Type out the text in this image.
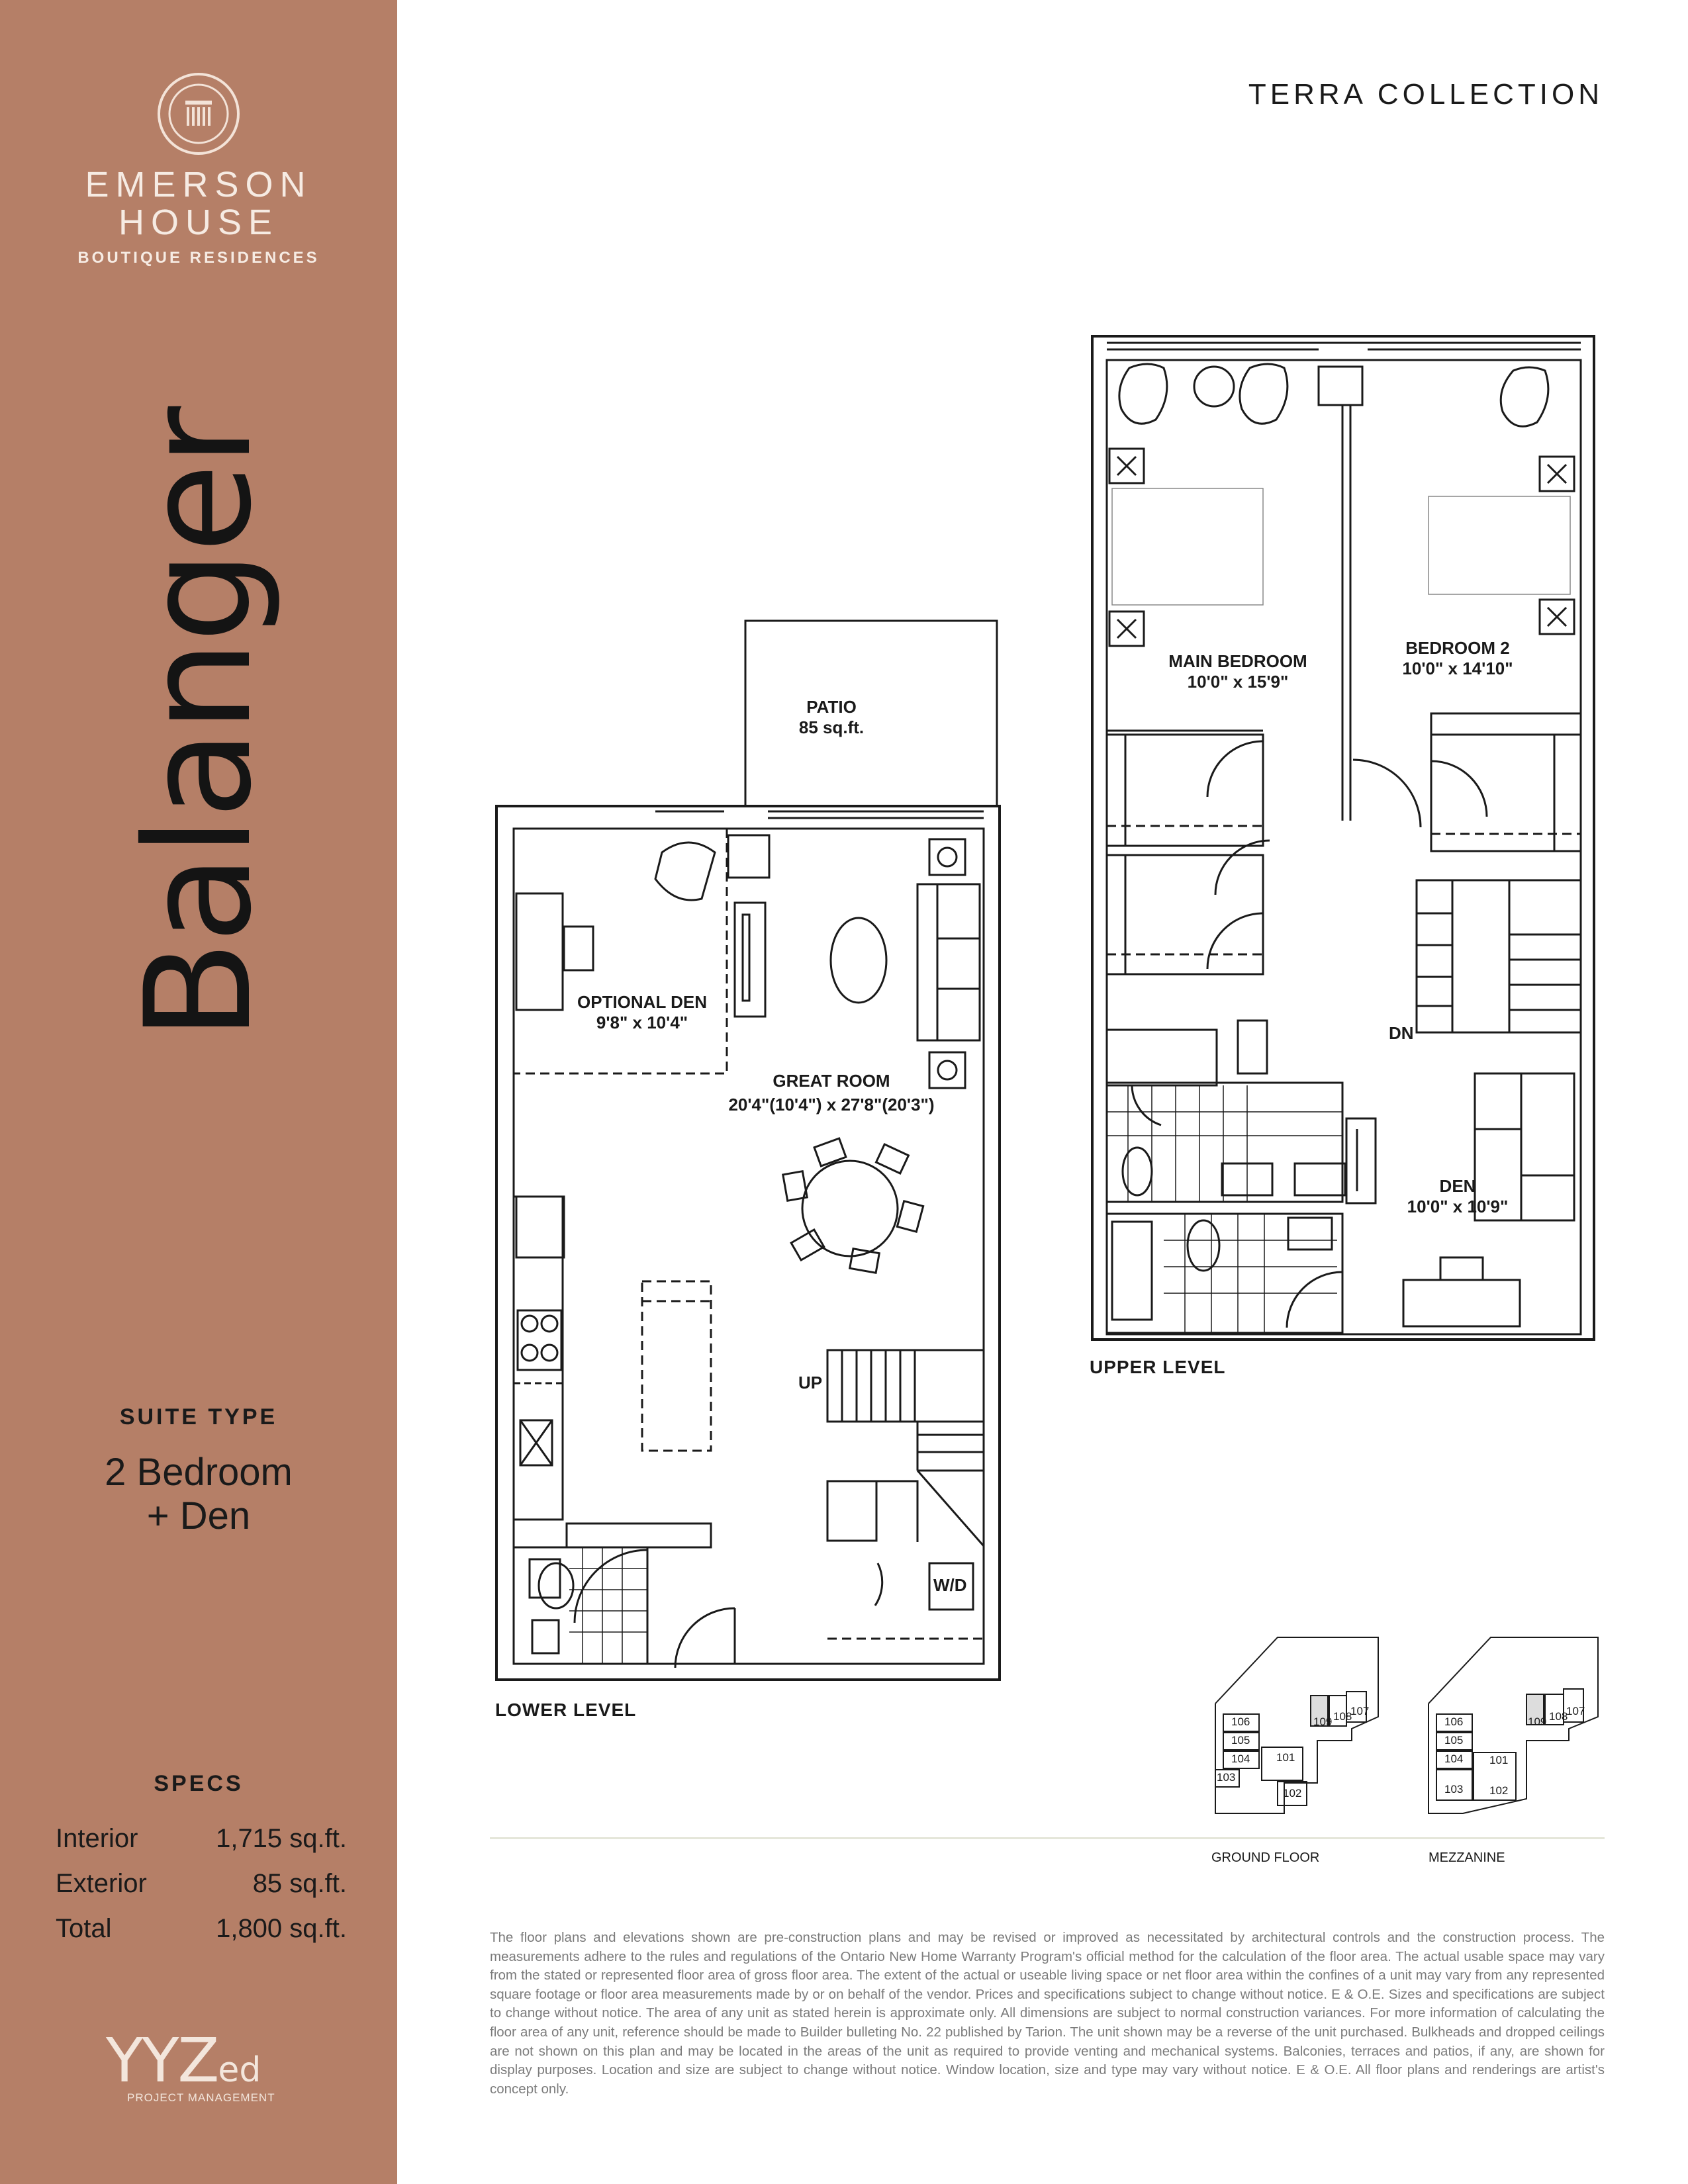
EMERSON
HOUSE
BOUTIQUE RESIDENCES
Balanger
SUITE TYPE
2 Bedroom
+ Den
SPECS
Interior	1,715 sq.ft.
Exterior	85 sq.ft.
Total	1,800 sq.ft.
YYZed
PROJECT MANAGEMENT
TERRA COLLECTION
PATIO
85 sq.ft.
OPTIONAL DEN
9'8" x 10'4"
GREAT ROOM
20'4"(10'4") x 27'8"(20'3")
UP
W/D
LOWER LEVEL
MAIN BEDROOM
10'0" x 15'9"
BEDROOM 2
10'0" x 14'10"
DN
DEN
10'0" x 10'9"
UPPER LEVEL
106
105
104
103
101
102
109 108
107
GROUND FLOOR
106
105
104
103
101
102
109 108
107
MEZZANINE
The floor plans and elevations shown are pre-construction plans and may be revised or improved as necessitated by architectural controls and the construction process. The measurements adhere to the rules and regulations of the Ontario New Home Warranty Program's official method for the calculation of the floor area. The actual usable space may vary from the stated or represented floor area of gross floor area. The extent of the actual or useable living space or net floor area within the confines of a unit may vary from any represented square footage or floor area measurements made by or on behalf of the vendor. Prices and specifications subject to change without notice. E & O.E. Sizes and specifications are subject to change without notice. The area of any unit as stated herein is approximate only. All dimensions are subject to normal construction variances. For more information of calculating the floor area of any unit, reference should be made to Builder bulleting No. 22 published by Tarion. The unit shown may be a reverse of the unit purchased. Bulkheads and dropped ceilings are not shown on this plan and may be located in the areas of the unit as required to provide venting and mechanical systems. Balconies, terraces and patios, if any, are shown for display purposes. Location and size are subject to change without notice. Window location, size and type may vary without notice. E & O.E. All floor plans and renderings are artist's concept only.
